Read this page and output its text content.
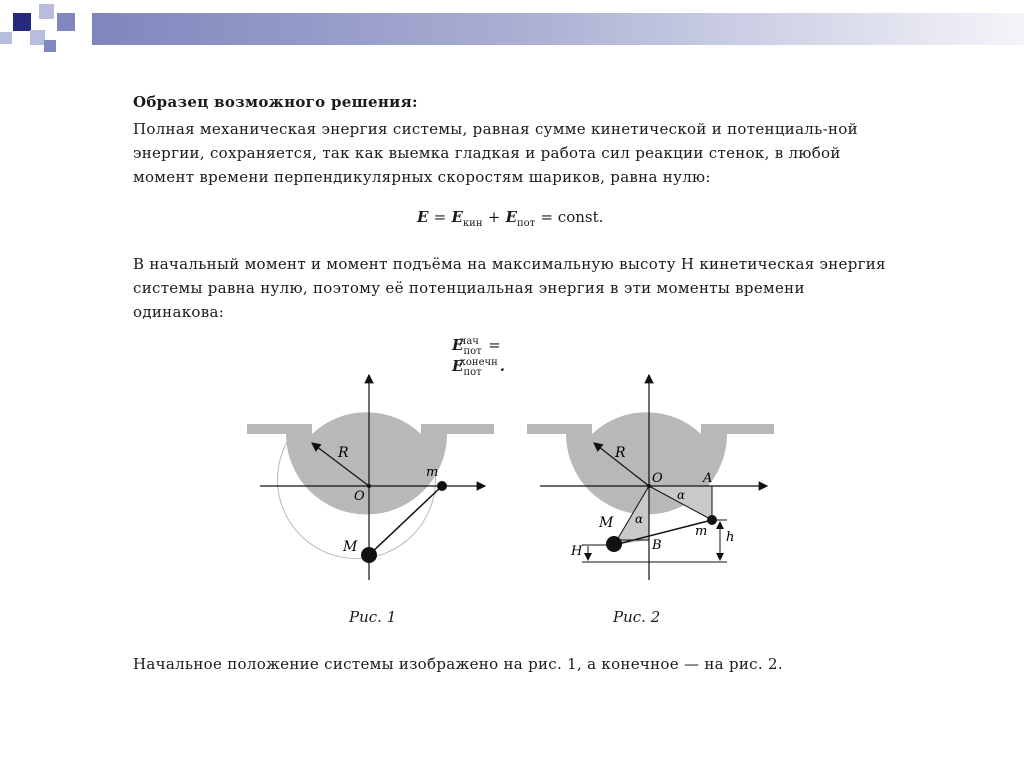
Образец возможного решения:
Полная механическая энергия системы, равная сумме кинетической и потенциаль-ной энергии, сохраняется, так как выемка гладкая и работа сил реакции стенок, в любой момент времени перпендикулярных скоростям шариков, равна нулю:
$E = E_{кин} + E_{пот}$ = const.
В начальный момент и момент подъёма на максимальную высоту H кинетическая энергия системы равна нулю, поэтому её потенциальная энергия в эти моменты времени одинакова:
$E_{пот}^{нач} = E_{пот}^{конечн}$ .
R
O
m
M
Рис. 1
R
O	A
α
α
M
m
B
h
H
Рис. 2
Начальное положение системы изображено на рис. 1, а конечное — на рис. 2.
